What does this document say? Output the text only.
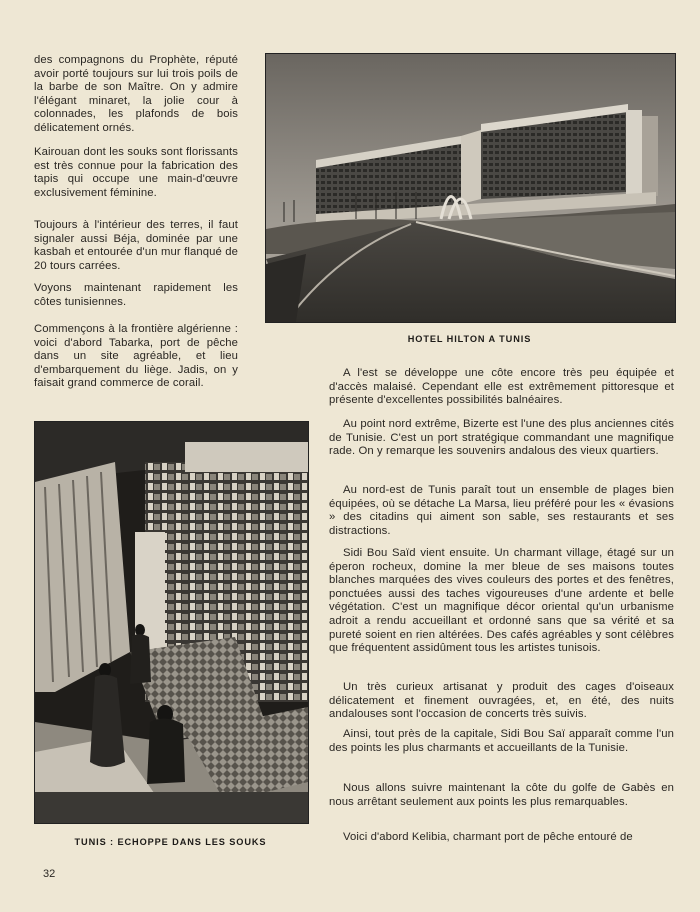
des compagnons du Prophète, réputé avoir porté toujours sur lui trois poils de la barbe de son Maître. On y admire l'élégant minaret, la jolie cour à colonnades, les plafonds de bois délicatement ornés.

Kairouan dont les souks sont florissants est très connue pour la fabrication des tapis qui occupe une main-d'œuvre exclusivement féminine.

Toujours à l'intérieur des terres, il faut signaler aussi Béja, dominée par une kasbah et entourée d'un mur flanqué de 20 tours carrées.

Voyons maintenant rapidement les côtes tunisiennes.

Commençons à la frontière algérienne : voici d'abord Tabarka, port de pêche dans un site agréable, et lieu d'embarquement du liège. Jadis, on y faisait grand commerce de corail.

HOTEL HILTON A TUNIS
TUNIS : ECHOPPE DANS LES SOUKS

A l'est se développe une côte encore très peu équipée et d'accès malaisé. Cependant elle est extrêmement pittoresque et présente d'excellentes possibilités balnéaires.

Au point nord extrême, Bizerte est l'une des plus anciennes cités de Tunisie. C'est un port stratégique commandant une magnifique rade. On y remarque les souvenirs andalous des vieux quartiers.

Au nord-est de Tunis paraît tout un ensemble de plages bien équipées, où se détache La Marsa, lieu préféré pour les « évasions » des citadins qui aiment son sable, ses restaurants et ses distractions.

Sidi Bou Saïd vient ensuite. Un charmant village, étagé sur un éperon rocheux, domine la mer bleue de ses maisons toutes blanches marquées des vives couleurs des portes et des fenêtres, ponctuées aussi des taches vigoureuses d'une ardente et belle végétation. C'est un magnifique décor oriental qu'un urbanisme adroit a rendu accueillant et ordonné sans que sa vérité et sa pureté soient en rien altérées. Des cafés agréables y sont célèbres que fréquentent assidûment tous les artistes tunisois.

Un très curieux artisanat y produit des cages d'oiseaux délicatement et finement ouvragées, et, en été, des nuits andalouses sont l'occasion de concerts très suivis.

Ainsi, tout près de la capitale, Sidi Bou Saï apparaît comme l'un des points les plus charmants et accueillants de la Tunisie.

Nous allons suivre maintenant la côte du golfe de Gabès en nous arrêtant seulement aux points les plus remarquables.

Voici d'abord Kelibia, charmant port de pêche entouré de

32
